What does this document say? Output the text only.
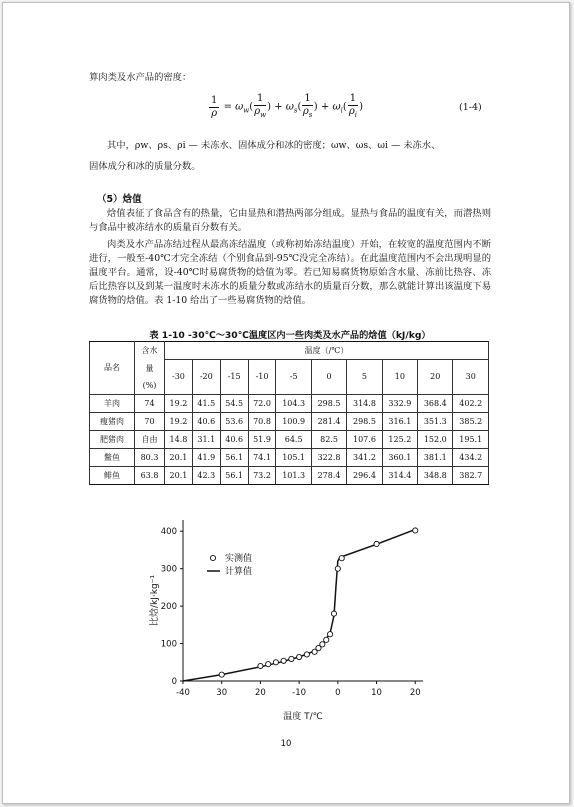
算肉类及水产品的密度：
$\frac{1}{\rho} = \omega_w( \frac{1}{\rho_w}$ ) + $\omega_s( \frac{1}{\rho_s}$ ) + $\omega_i( \frac{1}{\rho_i}$ )	(1-4)
其中，ρw、ρs、ρi — 未冻水、固体成分和冰的密度；ωw、ωs、ωi — 未冻水、
固体成分和冰的质量分数。
（5）焓值
焓值表征了食品含有的热量，它由显热和潜热两部分组成。显热与食品的温度有关，而潜热则与食品中被冻结水的质量百分数有关。
肉类及水产品冻结过程从最高冻结温度（或称初始冻结温度）开始，在较宽的温度范围内不断进行，一般至-40℃才完全冻结（个别食品到-95℃没完全冻结）。在此温度范围内不会出现明显的温度平台。通常，设-40℃时易腐货物的焓值为零。若已知易腐货物原始含水量、冻前比热容、冻后比热容以及到某一温度时未冻水的质量分数或冻结水的质量百分数，那么就能计算出该温度下易腐货物的焓值。表 1-10 给出了一些易腐货物的焓值。
表 1-10 -30℃～30℃温度区内一些肉类及水产品的焓值（kJ/kg）
品名	含水	温度（/℃）									
	量	-30	-20	-15	-10	-5	0	5	10	20	30
	(%)										
羊肉	74	19.2	41.5	54.5	72.0	104.3	298.5	314.8	332.9	368.4	402.2
瘦猪肉	70	19.2	40.6	53.6	70.8	100.9	281.4	298.5	316.1	351.3	385.2
肥猪肉	自由	14.8	31.1	40.6	51.9	64.5	82.5	107.6	125.2	152.0	195.1
鳖鱼	80.3	20.1	41.9	56.1	74.1	105.1	322.8	341.2	360.1	381.1	434.2
鲱鱼	63.8	20.1	42.3	56.1	73.2	101.3	278.4	296.4	314.4	348.8	382.7
-40	30	20	-10	0	10	20
0
100
200
300
400
比焓/kJ·kg⁻¹
温度 T/℃
实测值
计算值
10
